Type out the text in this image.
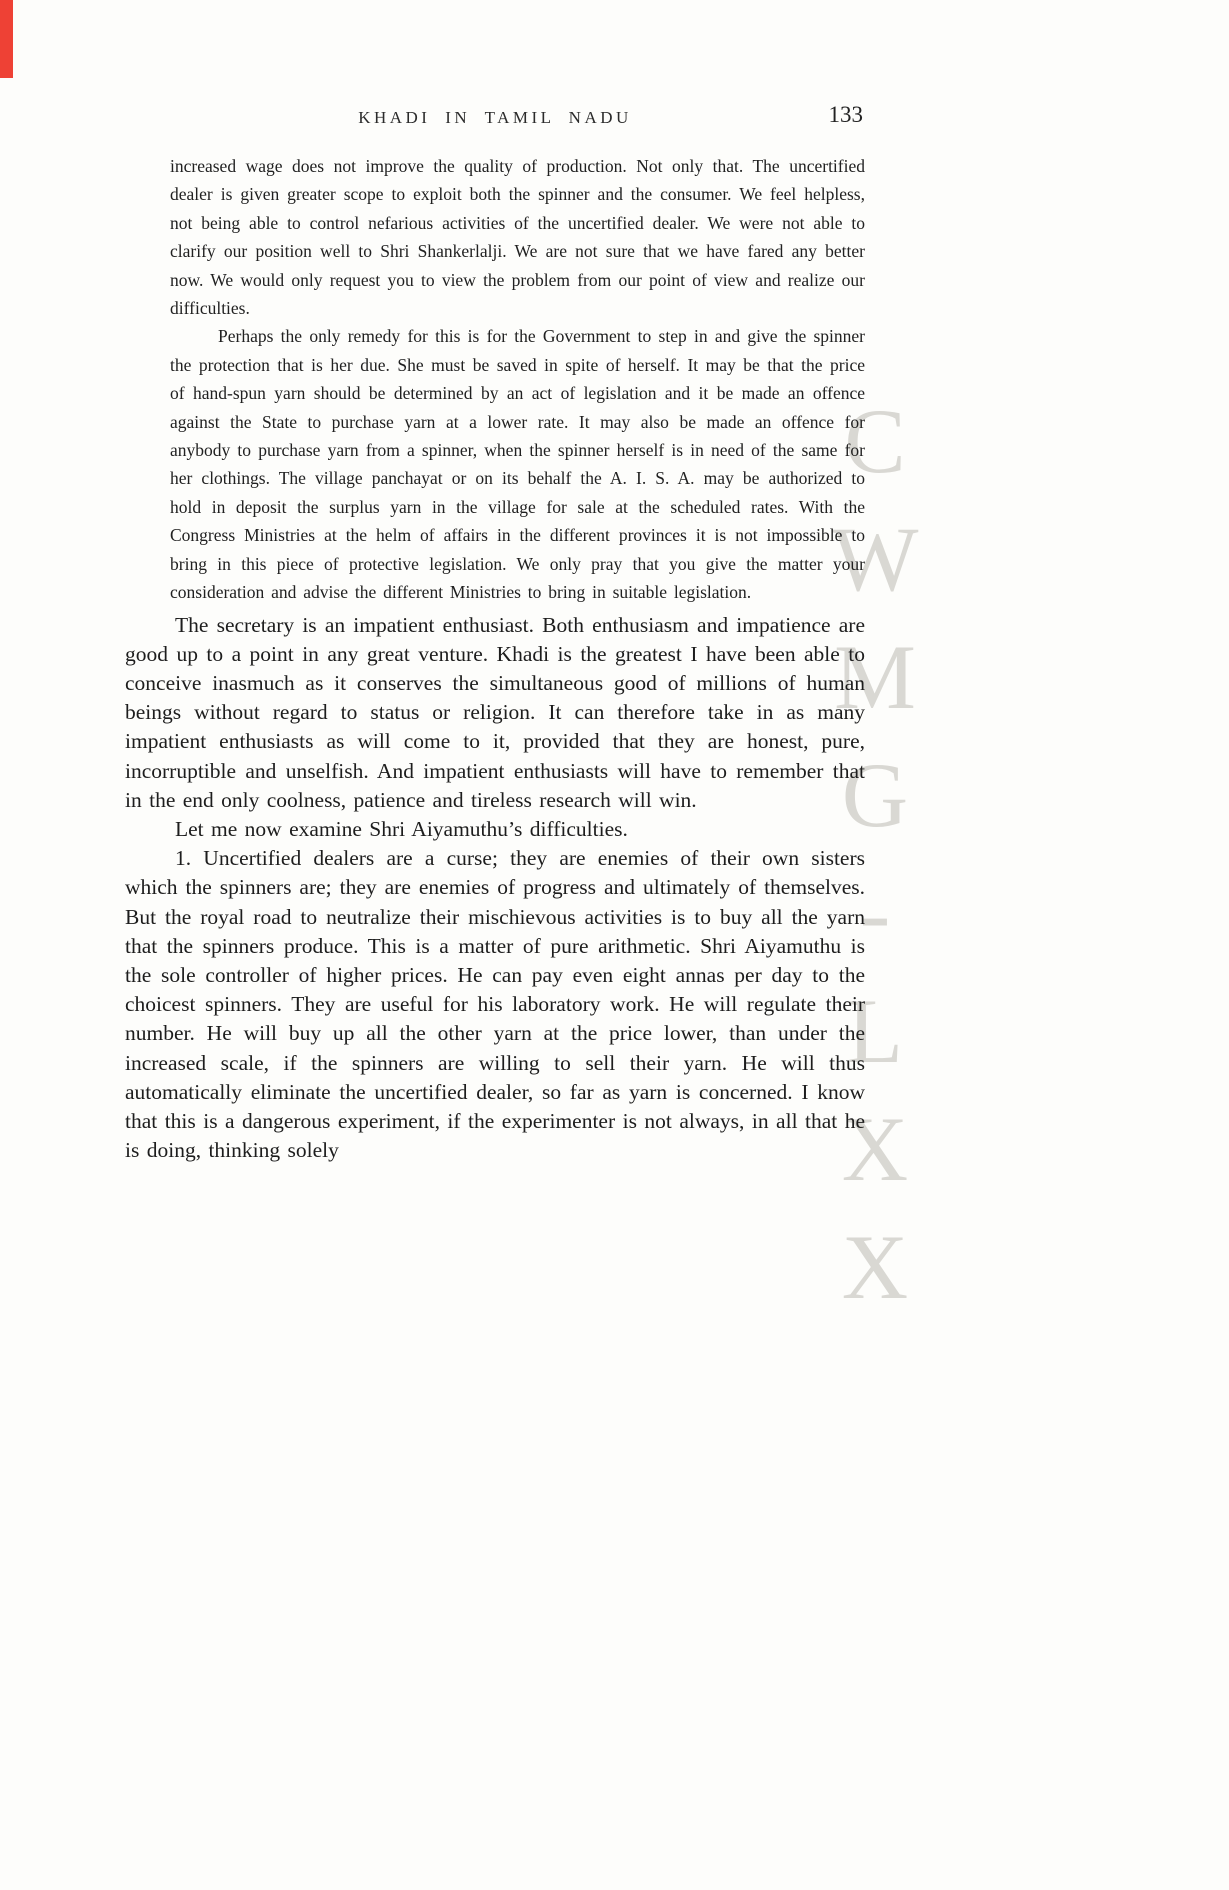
CWMG-LXX
KHADI IN TAMIL NADU	133

increased wage does not improve the quality of production. Not only that. The uncertified dealer is given greater scope to exploit both the spinner and the consumer. We feel helpless, not being able to control nefarious activities of the uncertified dealer. We were not able to clarify our position well to Shri Shankerlalji. We are not sure that we have fared any better now. We would only request you to view the problem from our point of view and realize our difficulties.

Perhaps the only remedy for this is for the Government to step in and give the spinner the protection that is her due. She must be saved in spite of herself. It may be that the price of hand-spun yarn should be determined by an act of legislation and it be made an offence against the State to purchase yarn at a lower rate. It may also be made an offence for anybody to purchase yarn from a spinner, when the spinner herself is in need of the same for her clothings. The village panchayat or on its behalf the A. I. S. A. may be authorized to hold in deposit the surplus yarn in the village for sale at the scheduled rates. With the Congress Ministries at the helm of affairs in the different provinces it is not impossible to bring in this piece of protective legislation. We only pray that you give the matter your consideration and advise the different Ministries to bring in suitable legislation.

The secretary is an impatient enthusiast. Both enthusiasm and impatience are good up to a point in any great venture. Khadi is the greatest I have been able to conceive inasmuch as it conserves the simultaneous good of millions of human beings without regard to status or religion. It can therefore take in as many impatient enthusiasts as will come to it, provided that they are honest, pure, incorruptible and unselfish. And impatient enthusiasts will have to remember that in the end only coolness, patience and tireless research will win.

Let me now examine Shri Aiyamuthu’s difficulties.

1. Uncertified dealers are a curse; they are enemies of their own sisters which the spinners are; they are enemies of progress and ultimately of themselves. But the royal road to neutralize their mischievous activities is to buy all the yarn that the spinners produce. This is a matter of pure arithmetic. Shri Aiyamuthu is the sole controller of higher prices. He can pay even eight annas per day to the choicest spinners. They are useful for his laboratory work. He will regulate their number. He will buy up all the other yarn at the price lower, than under the increased scale, if the spinners are willing to sell their yarn. He will thus automatically eliminate the uncertified dealer, so far as yarn is concerned. I know that this is a dangerous experiment, if the experimenter is not always, in all that he is doing, thinking solely
